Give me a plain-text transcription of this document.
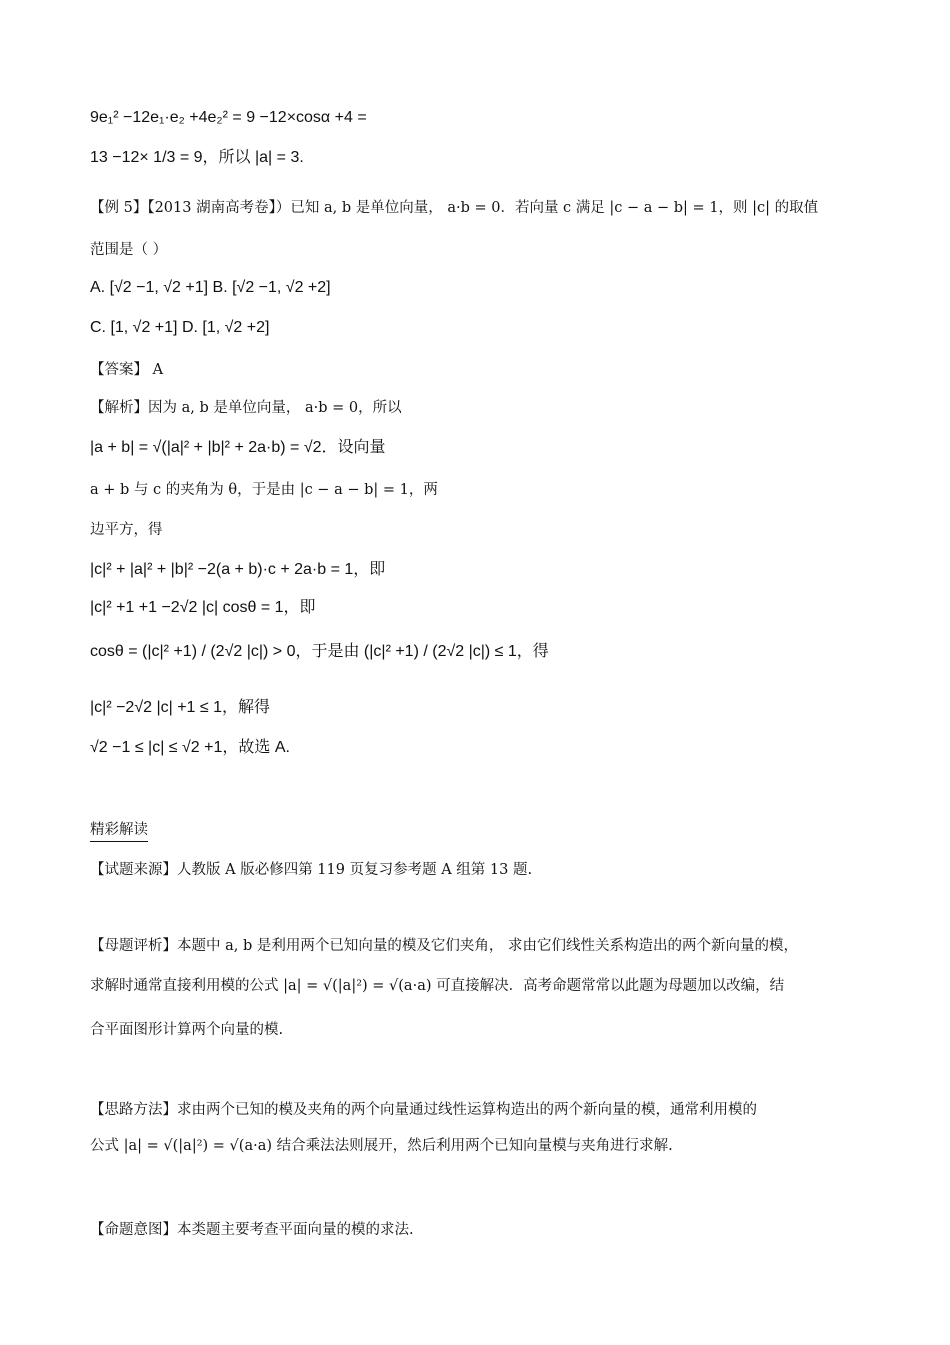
9e₁² −12e₁·e₂ +4e₂² = 9 −12×cosα +4 =
13 −12× 1/3 = 9，所以 |a| = 3.
【例 5】【2013 湖南高考卷】）已知 a, b 是单位向量， a·b = 0．若向量 c 满足 |c − a − b| = 1，则 |c| 的取值
范围是（ ）
A. [√2 −1, √2 +1] B. [√2 −1, √2 +2]
C. [1, √2 +1] D. [1, √2 +2]
【答案】 A
【解析】因为 a, b 是单位向量， a·b = 0，所以
|a + b| = √(|a|² + |b|² + 2a·b) = √2．设向量
a + b 与 c 的夹角为 θ，于是由 |c − a − b| = 1，两
边平方，得
|c|² + |a|² + |b|² −2(a + b)·c + 2a·b = 1，即
|c|² +1 +1 −2√2 |c| cosθ = 1，即
cosθ = (|c|² +1) / (2√2 |c|) > 0，于是由 (|c|² +1) / (2√2 |c|) ≤ 1，得
|c|² −2√2 |c| +1 ≤ 1，解得
√2 −1 ≤ |c| ≤ √2 +1，故选 A.
精彩解读
【试题来源】人教版 A 版必修四第 119 页复习参考题 A 组第 13 题.
【母题评析】本题中 a, b 是利用两个已知向量的模及它们夹角， 求由它们线性关系构造出的两个新向量的模，
求解时通常直接利用模的公式 |a| = √(|a|²) = √(a·a) 可直接解决．高考命题常常以此题为母题加以改编，结
合平面图形计算两个向量的模.
【思路方法】求由两个已知的模及夹角的两个向量通过线性运算构造出的两个新向量的模，通常利用模的
公式 |a| = √(|a|²) = √(a·a) 结合乘法法则展开，然后利用两个已知向量模与夹角进行求解.
【命题意图】本类题主要考查平面向量的模的求法.
